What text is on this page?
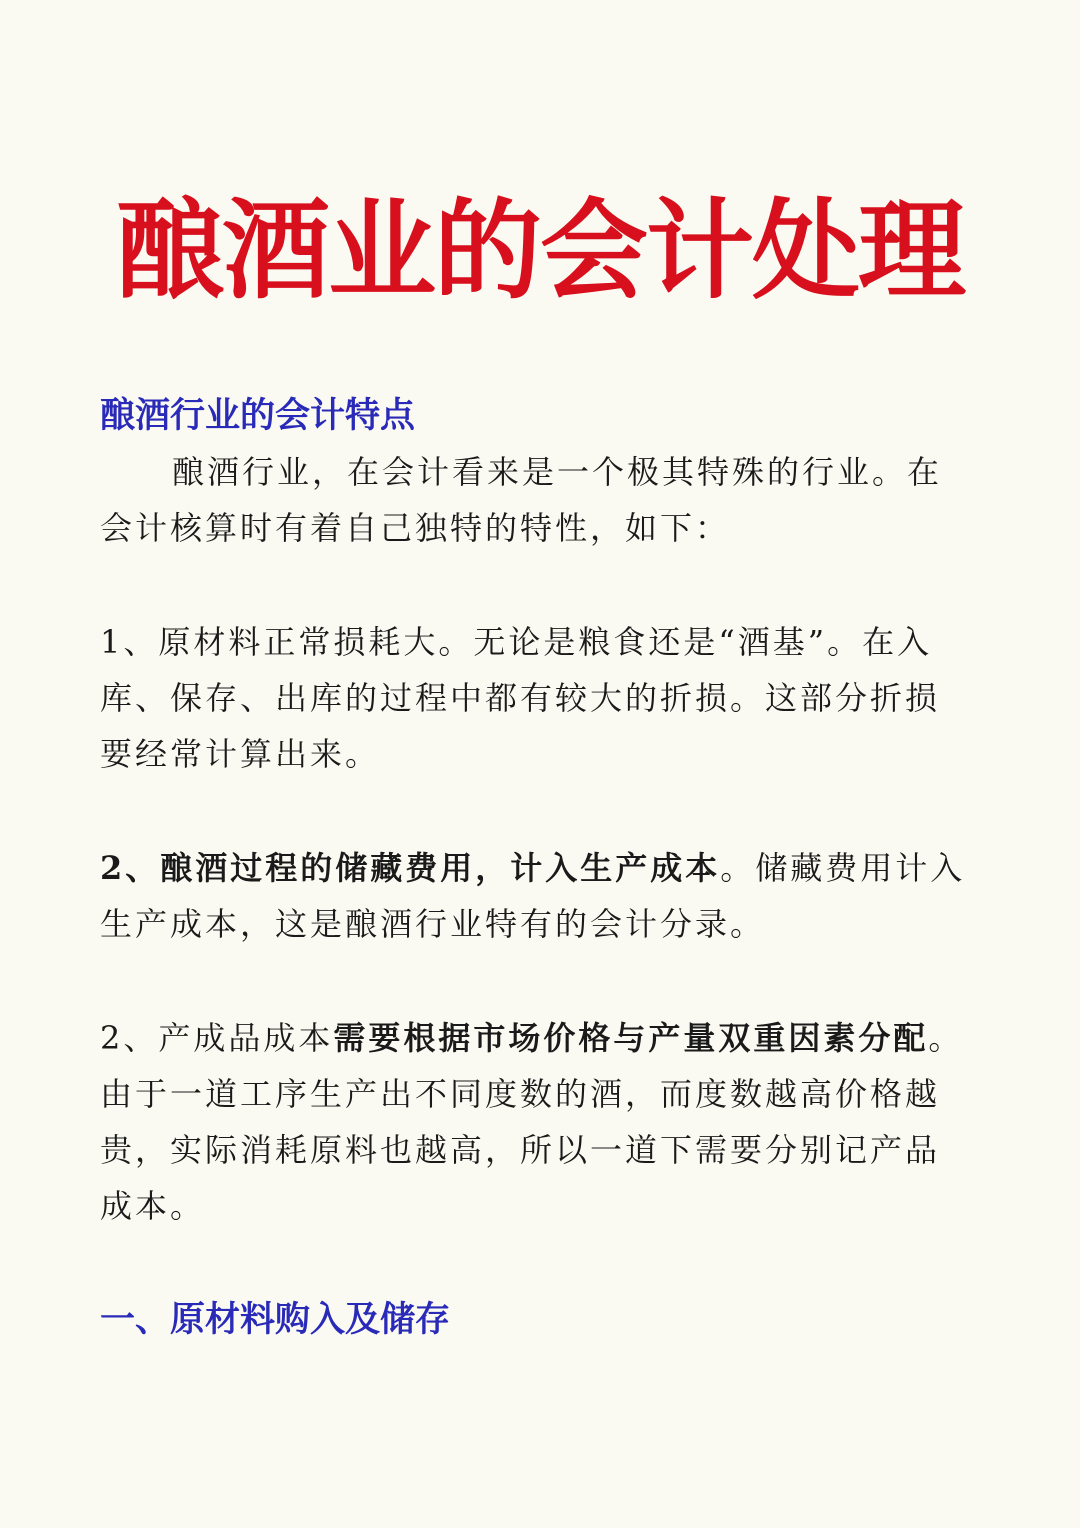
酿酒业的会计处理
酿酒行业的会计特点

酿酒行业，在会计看来是一个极其特殊的行业。在
会计核算时有着自己独特的特性，如下：

1、原材料正常损耗大。无论是粮食还是“酒基”。在入
库、保存、出库的过程中都有较大的折损。这部分折损
要经常计算出来。

2、酿酒过程的储藏费用，计入生产成本。储藏费用计入
生产成本，这是酿酒行业特有的会计分录。

2、产成品成本需要根据市场价格与产量双重因素分配。
由于一道工序生产出不同度数的酒，而度数越高价格越
贵，实际消耗原料也越高，所以一道下需要分别记产品
成本。

一、原材料购入及储存
